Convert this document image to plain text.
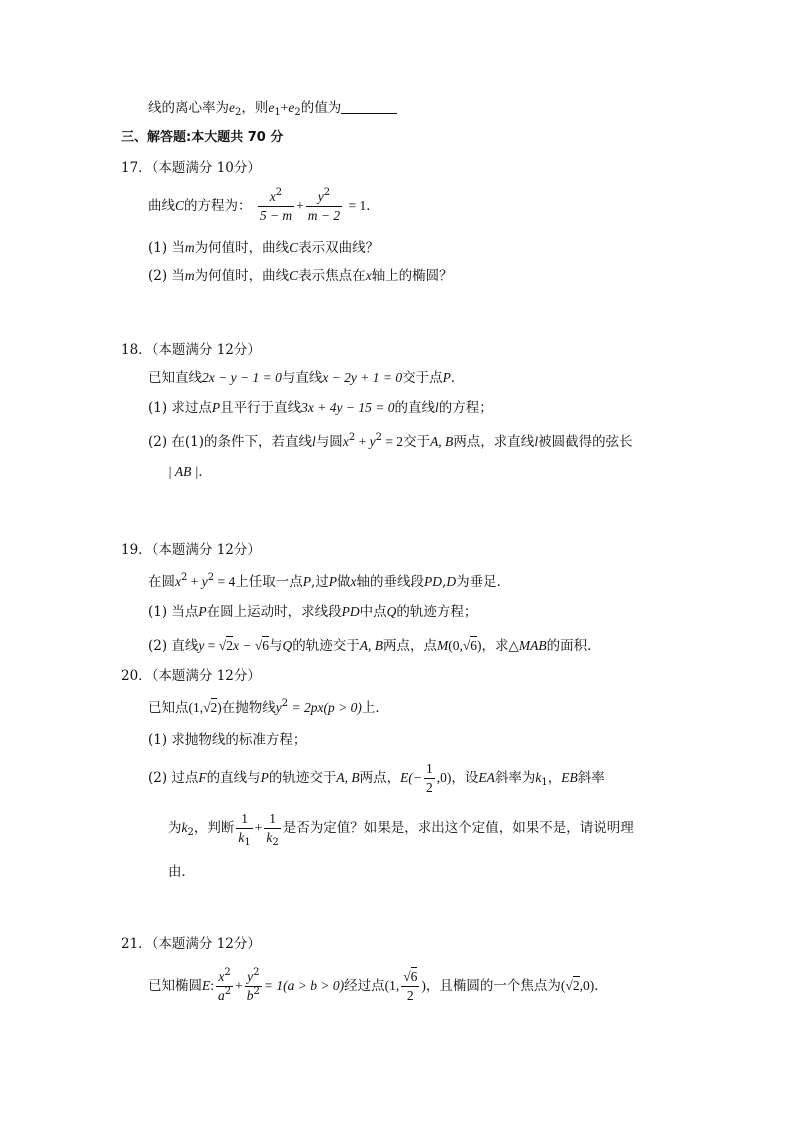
线的离心率为$e_2$，则$e_1+e_2$的值为
三、解答题:本大题共 70 分
17．（本题满分 10分）
曲线C的方程为： $\frac{x^2}{5 - m} + \frac{y^2}{m - 2} = 1$．
(1) 当m为何值时，曲线C表示双曲线？
(2) 当m为何值时，曲线C表示焦点在x轴上的椭圆？
18．（本题满分 12分）
已知直线2x − y − 1 = 0与直线x − 2y + 1 = 0交于点P．
(1) 求过点P且平行于直线3x + 4y − 15 = 0的直线l的方程；
(2) 在(1)的条件下，若直线l与圆$x^2 + y^2 = 2$交于A, B两点，求直线l被圆截得的弦长
| AB |．
19．（本题满分 12分）
在圆$x^2 + y^2 = 4$上任取一点P,过P做x轴的垂线段PD,D为垂足．
(1) 当点P在圆上运动时，求线段PD中点Q的轨迹方程；
(2) 直线y = √2x − √6与Q的轨迹交于A, B两点，点M(0,√6)，求△MAB的面积．
20．（本题满分 12分）
已知点(1,√2)在抛物线$y^2 = 2px(p > 0)$上．
(1) 求抛物线的标准方程；
(2) 过点F的直线与P的轨迹交于A, B两点，$E(- \frac{1}{2} ,0)$，设EA斜率为$k_1$，EB斜率
为$k_2$，判断 $\frac{1}{k_1} + \frac{1}{k_2}$ 是否为定值？如果是，求出这个定值，如果不是，请说明理
由．
21．（本题满分 12分）
已知椭圆E: $\frac{x^2}{a^2} + \frac{y^2}{b^2} = 1(a > b > 0)$经过点(1, $\frac{√6}{2}$ )，且椭圆的一个焦点为(√2,0)．
